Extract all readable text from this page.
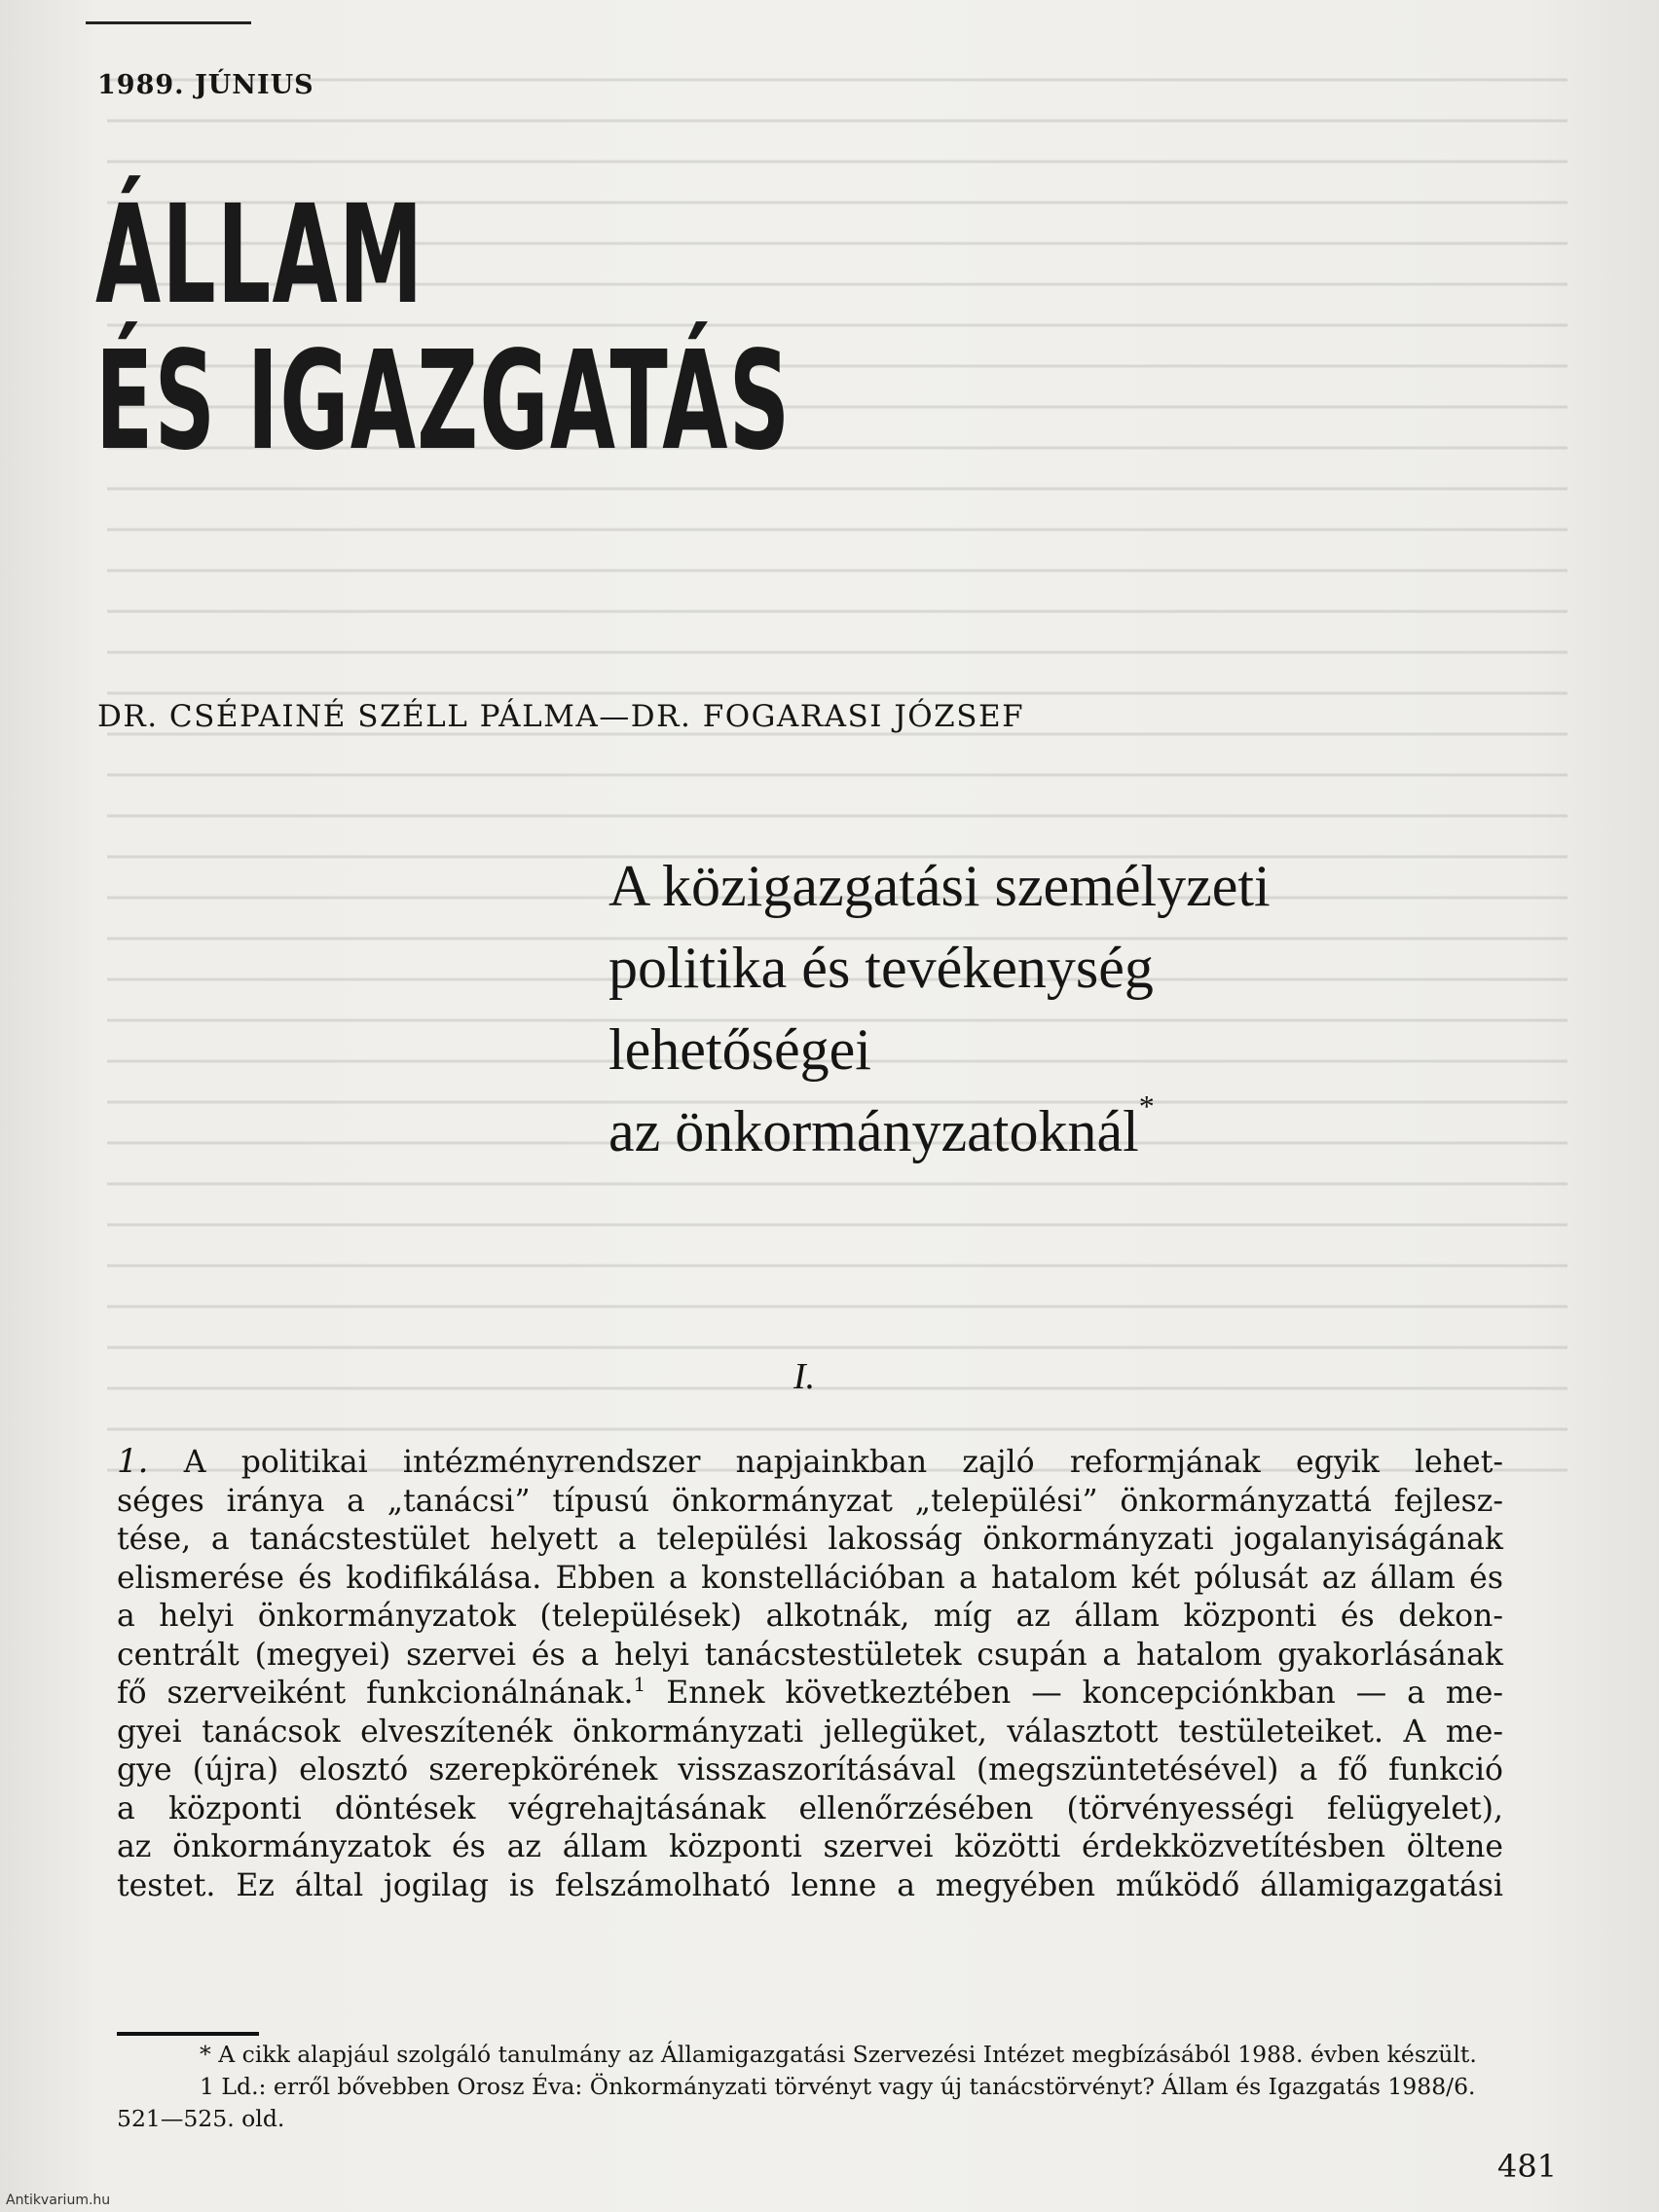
1989. JÚNIUS
ÁLLAM
ÉS IGAZGATÁS
DR. CSÉPAINÉ SZÉLL PÁLMA—DR. FOGARASI JÓZSEF
A közigazgatási személyzeti
politika és tevékenység
lehetőségei
az önkormányzatoknál*
I.
1. A politikai intézményrendszer napjainkban zajló reformjának egyik lehet-
séges iránya a „tanácsi” típusú önkormányzat „települési” önkormányzattá fejlesz-
tése, a tanácstestület helyett a települési lakosság önkormányzati jogalanyiságának
elismerése és kodifikálása. Ebben a konstellációban a hatalom két pólusát az állam és
a helyi önkormányzatok (települések) alkotnák, míg az állam központi és dekon-
centrált (megyei) szervei és a helyi tanácstestületek csupán a hatalom gyakorlásának
fő szerveiként funkcionálnának.$^1$ Ennek következtében — koncepciónkban — a me-
gyei tanácsok elveszítenék önkormányzati jellegüket, választott testületeiket. A me-
gye (újra) elosztó szerepkörének visszaszorításával (megszüntetésével) a fő funkció
a központi döntések végrehajtásának ellenőrzésében (törvényességi felügyelet),
az önkormányzatok és az állam központi szervei közötti érdekközvetítésben öltene
testet. Ez által jogilag is felszámolható lenne a megyében működő államigazgatási
* A cikk alapjául szolgáló tanulmány az Államigazgatási Szervezési Intézet megbízásából 1988. évben készült.
1 Ld.: erről bővebben Orosz Éva: Önkormányzati törvényt vagy új tanácstörvényt? Állam és Igazgatás 1988/6.
521—525. old.
481
Antikvarium.hu
